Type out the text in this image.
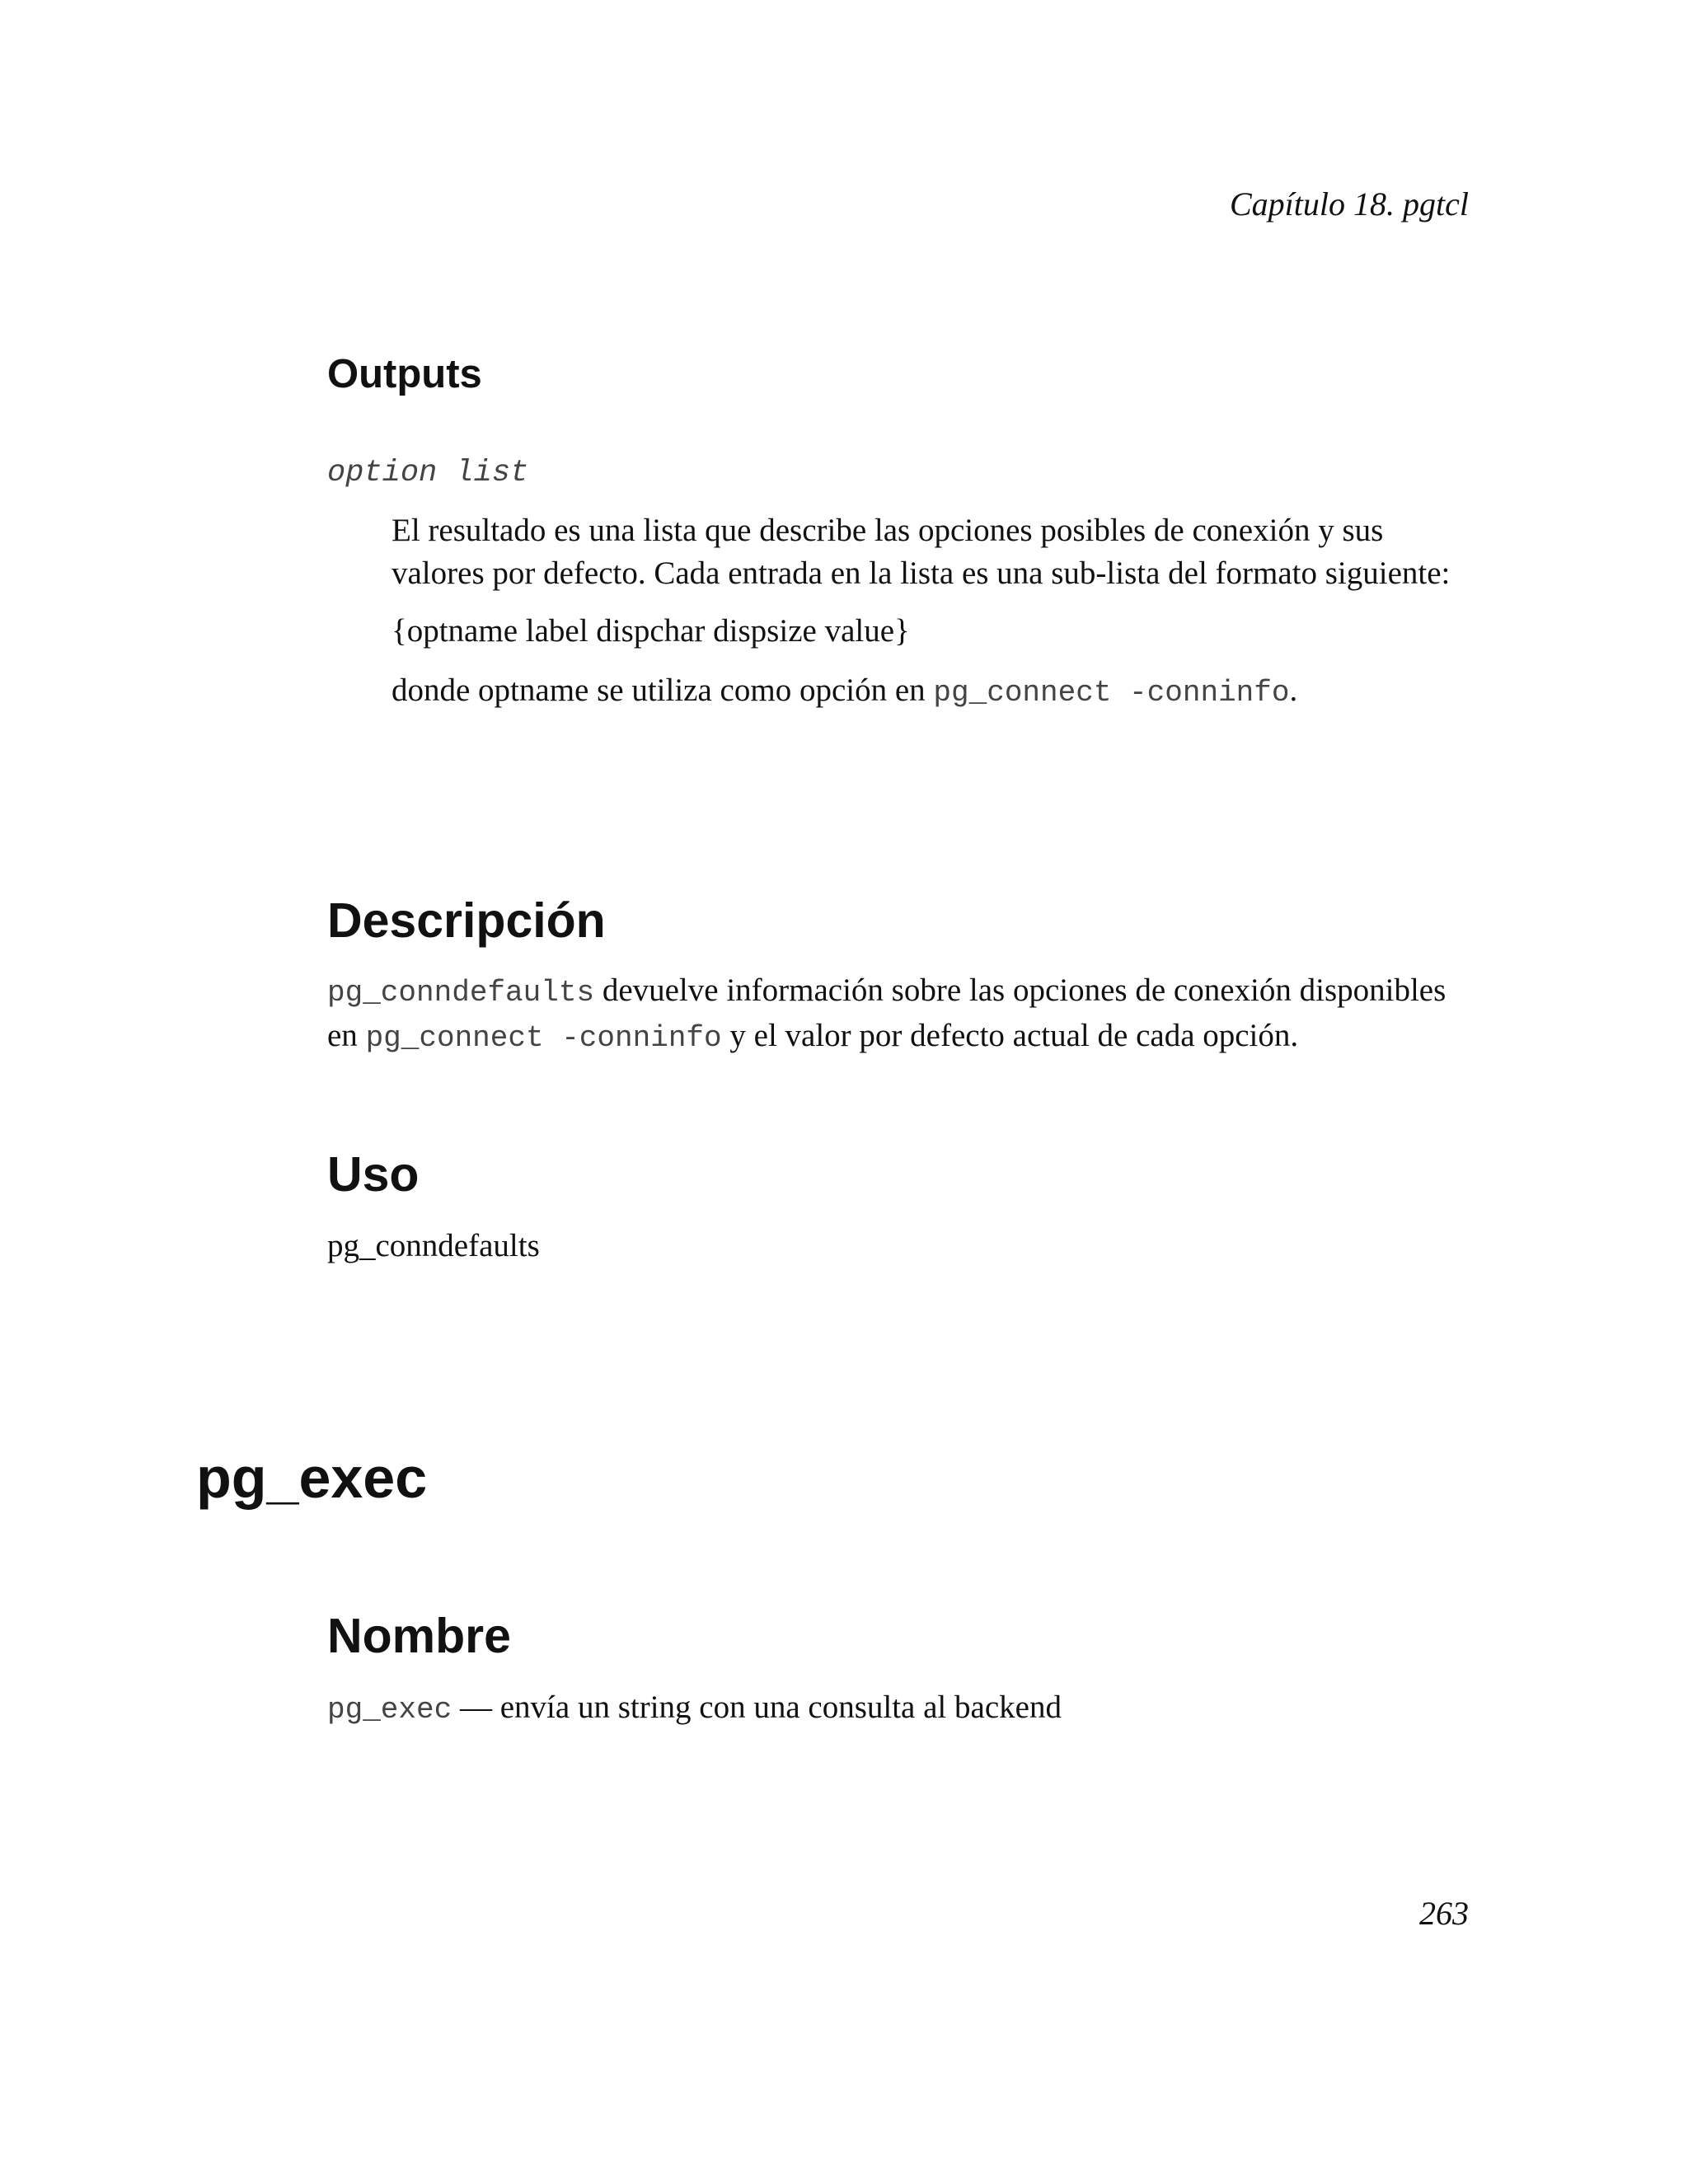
Capítulo 18. pgtcl
Outputs
option list
El resultado es una lista que describe las opciones posibles de conexión y sus
valores por defecto. Cada entrada en la lista es una sub-lista del formato siguiente:
{optname label dispchar dispsize value}
donde optname se utiliza como opción en pg_connect -conninfo.
Descripción
pg_conndefaults devuelve información sobre las opciones de conexión disponibles
en pg_connect -conninfo y el valor por defecto actual de cada opción.
Uso
pg_conndefaults
pg_exec
Nombre
pg_exec — envía un string con una consulta al backend
263
